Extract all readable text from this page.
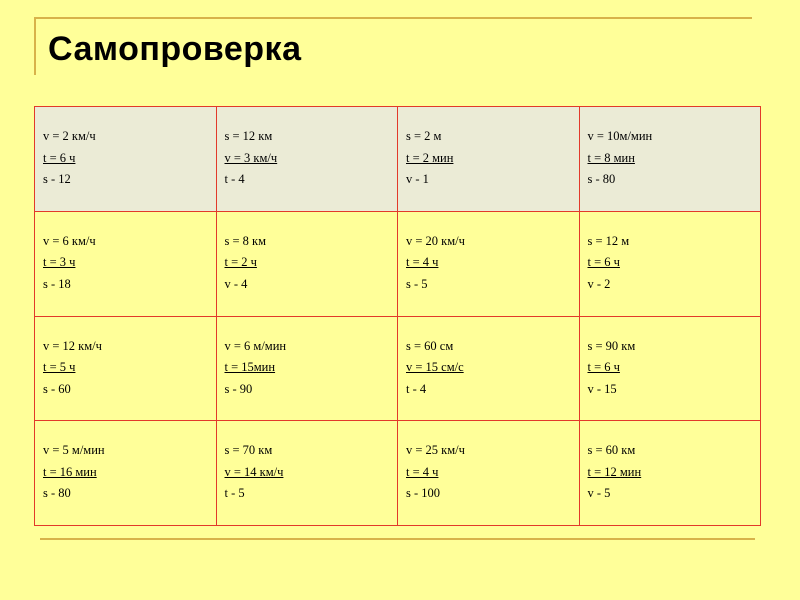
Самопроверка
v = 2 км/ч
t = 6 ч
s - 12	s = 12 км
v = 3 км/ч
t - 4	s = 2 м
t = 2 мин
v - 1	v = 10м/мин
t = 8 мин
s - 80

v = 6 км/ч
t = 3 ч
s - 18	s = 8 км
t = 2 ч
v - 4	v = 20 км/ч
t = 4 ч
s - 5	s = 12 м
t = 6 ч
v - 2

v = 12 км/ч
t = 5 ч
s - 60	v = 6 м/мин
t = 15мин
s - 90	s = 60 см
v = 15 см/с
t - 4	s = 90 км
t = 6 ч
v - 15

v = 5 м/мин
t = 16 мин
s - 80	s = 70 км
v = 14 км/ч
t - 5	v = 25 км/ч
t = 4 ч
s - 100	s = 60 км
t = 12 мин
v - 5
